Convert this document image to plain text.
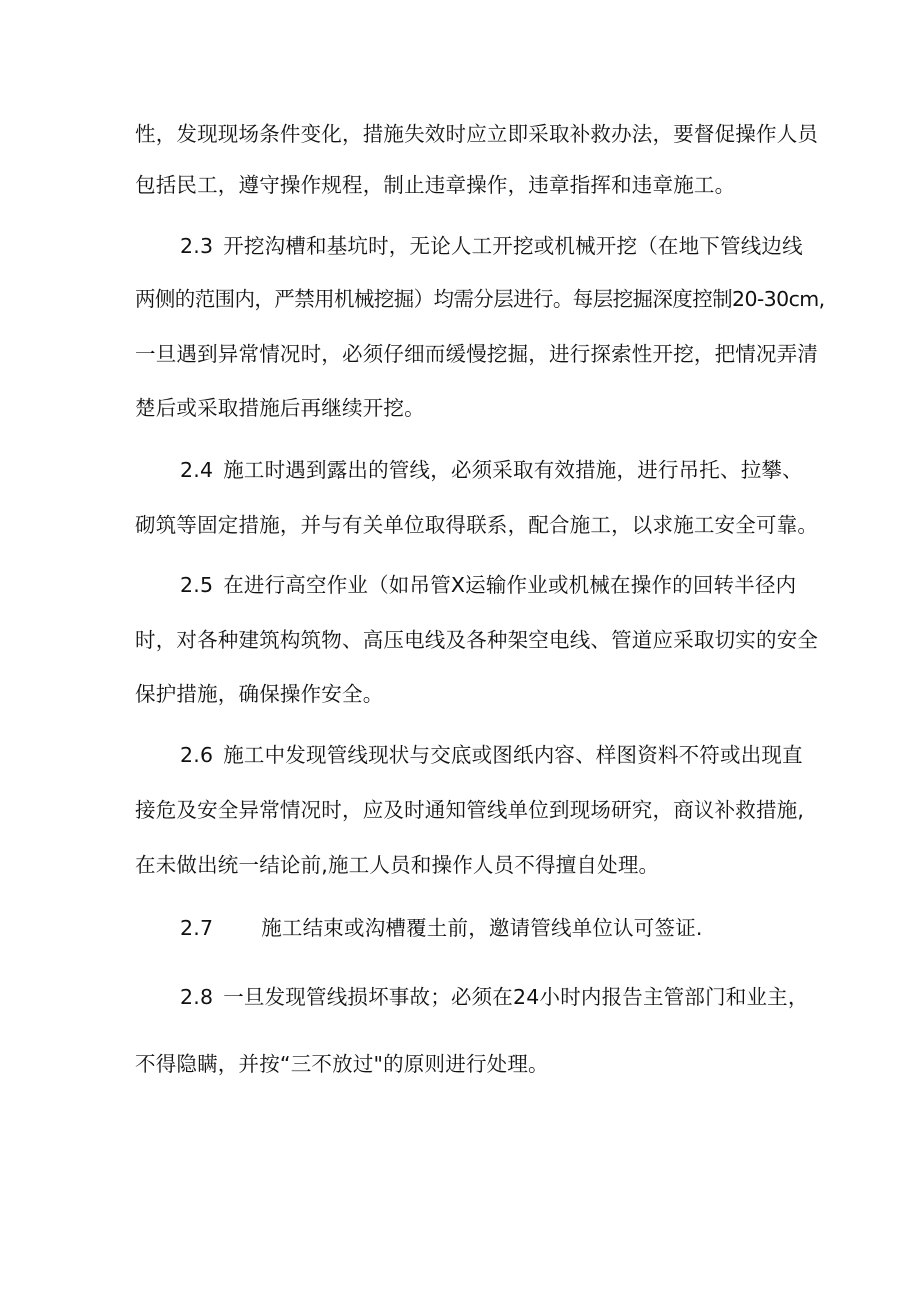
性，发现现场条件变化，措施失效时应立即采取补救办法，要督促操作人员
包括民工，遵守操作规程，制止违章操作，违章指挥和违章施工。
2.3 开挖沟槽和基坑时，无论人工开挖或机械开挖（在地下管线边线
两侧的范围内，严禁用机械挖掘）均需分层进行。每层挖掘深度控制20-30cm,
一旦遇到异常情况时，必须仔细而缓慢挖掘，进行探索性开挖，把情况弄清
楚后或采取措施后再继续开挖。
2.4 施工时遇到露出的管线，必须采取有效措施，进行吊托、拉攀、
砌筑等固定措施，并与有关单位取得联系，配合施工，以求施工安全可靠。
2.5 在进行高空作业（如吊管X运输作业或机械在操作的回转半径内
时，对各种建筑构筑物、高压电线及各种架空电线、管道应采取切实的安全
保护措施，确保操作安全。
2.6 施工中发现管线现状与交底或图纸内容、样图资料不符或出现直
接危及安全异常情况时，应及时通知管线单位到现场研究，商议补救措施,
在未做出统一结论前,施工人员和操作人员不得擅自处理。
2.7 施工结束或沟槽覆土前，邀请管线单位认可签证.
2.8 一旦发现管线损坏事故；必须在24小时内报告主管部门和业主，
不得隐瞒，并按“三不放过"的原则进行处理。
